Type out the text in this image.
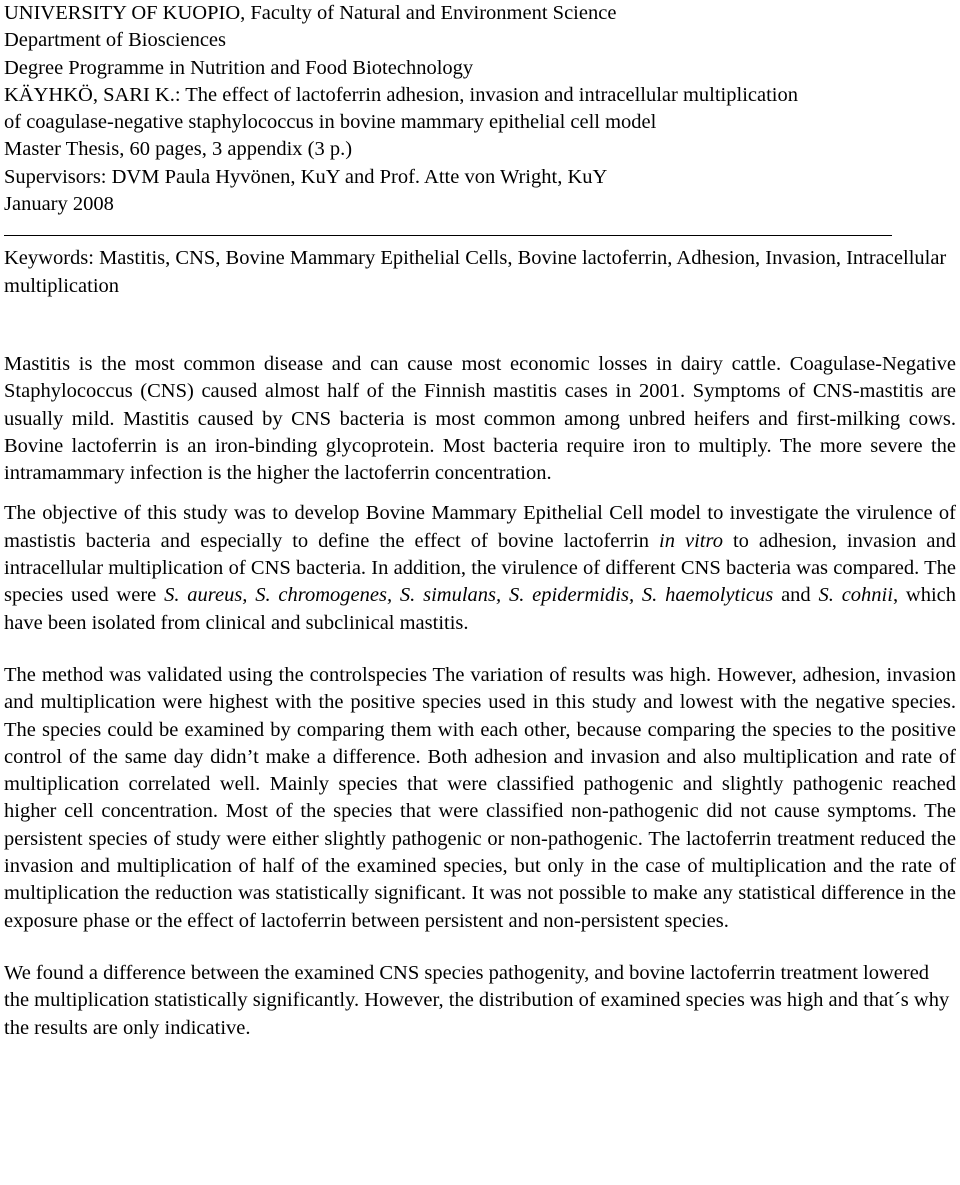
UNIVERSITY OF KUOPIO, Faculty of Natural and Environment Science
Department of Biosciences
Degree Programme in Nutrition and Food Biotechnology
KÄYHKÖ, SARI K.: The effect of lactoferrin adhesion, invasion and intracellular multiplication
of coagulase-negative staphylococcus in bovine mammary epithelial cell model
Master Thesis, 60 pages, 3 appendix (3 p.)
Supervisors: DVM Paula Hyvönen, KuY and Prof. Atte von Wright, KuY
January 2008
Keywords: Mastitis, CNS, Bovine Mammary Epithelial Cells, Bovine lactoferrin, Adhesion, Invasion, Intracellular multiplication
Mastitis is the most common disease and can cause most economic losses in dairy cattle. Coagulase-Negative Staphylococcus (CNS) caused almost half of the Finnish mastitis cases in 2001. Symptoms of CNS-mastitis are usually mild. Mastitis caused by CNS bacteria is most common among unbred heifers and first-milking cows. Bovine lactoferrin is an iron-binding glycoprotein. Most bacteria require iron to multiply. The more severe the intramammary infection is the higher the lactoferrin concentration.
The objective of this study was to develop Bovine Mammary Epithelial Cell model to investigate the virulence of mastistis bacteria and especially to define the effect of bovine lactoferrin in vitro to adhesion, invasion and intracellular multiplication of CNS bacteria. In addition, the virulence of different CNS bacteria was compared. The species used were S. aureus, S. chromogenes, S. simulans, S. epidermidis, S. haemolyticus and S. cohnii, which have been isolated from clinical and subclinical mastitis.
The method was validated using the controlspecies The variation of results was high. However, adhesion, invasion and multiplication were highest with the positive species used in this study and lowest with the negative species. The species could be examined by comparing them with each other, because comparing the species to the positive control of the same day didn’t make a difference. Both adhesion and invasion and also multiplication and rate of multiplication correlated well. Mainly species that were classified pathogenic and slightly pathogenic reached higher cell concentration. Most of the species that were classified non-pathogenic did not cause symptoms. The persistent species of study were either slightly pathogenic or non-pathogenic. The lactoferrin treatment reduced the invasion and multiplication of half of the examined species, but only in the case of multiplication and the rate of multiplication the reduction was statistically significant. It was not possible to make any statistical difference in the exposure phase or the effect of lactoferrin between persistent and non-persistent species.
We found a difference between the examined CNS species pathogenity, and bovine lactoferrin treatment lowered the multiplication statistically significantly. However, the distribution of examined species was high and that´s why the results are only indicative.
